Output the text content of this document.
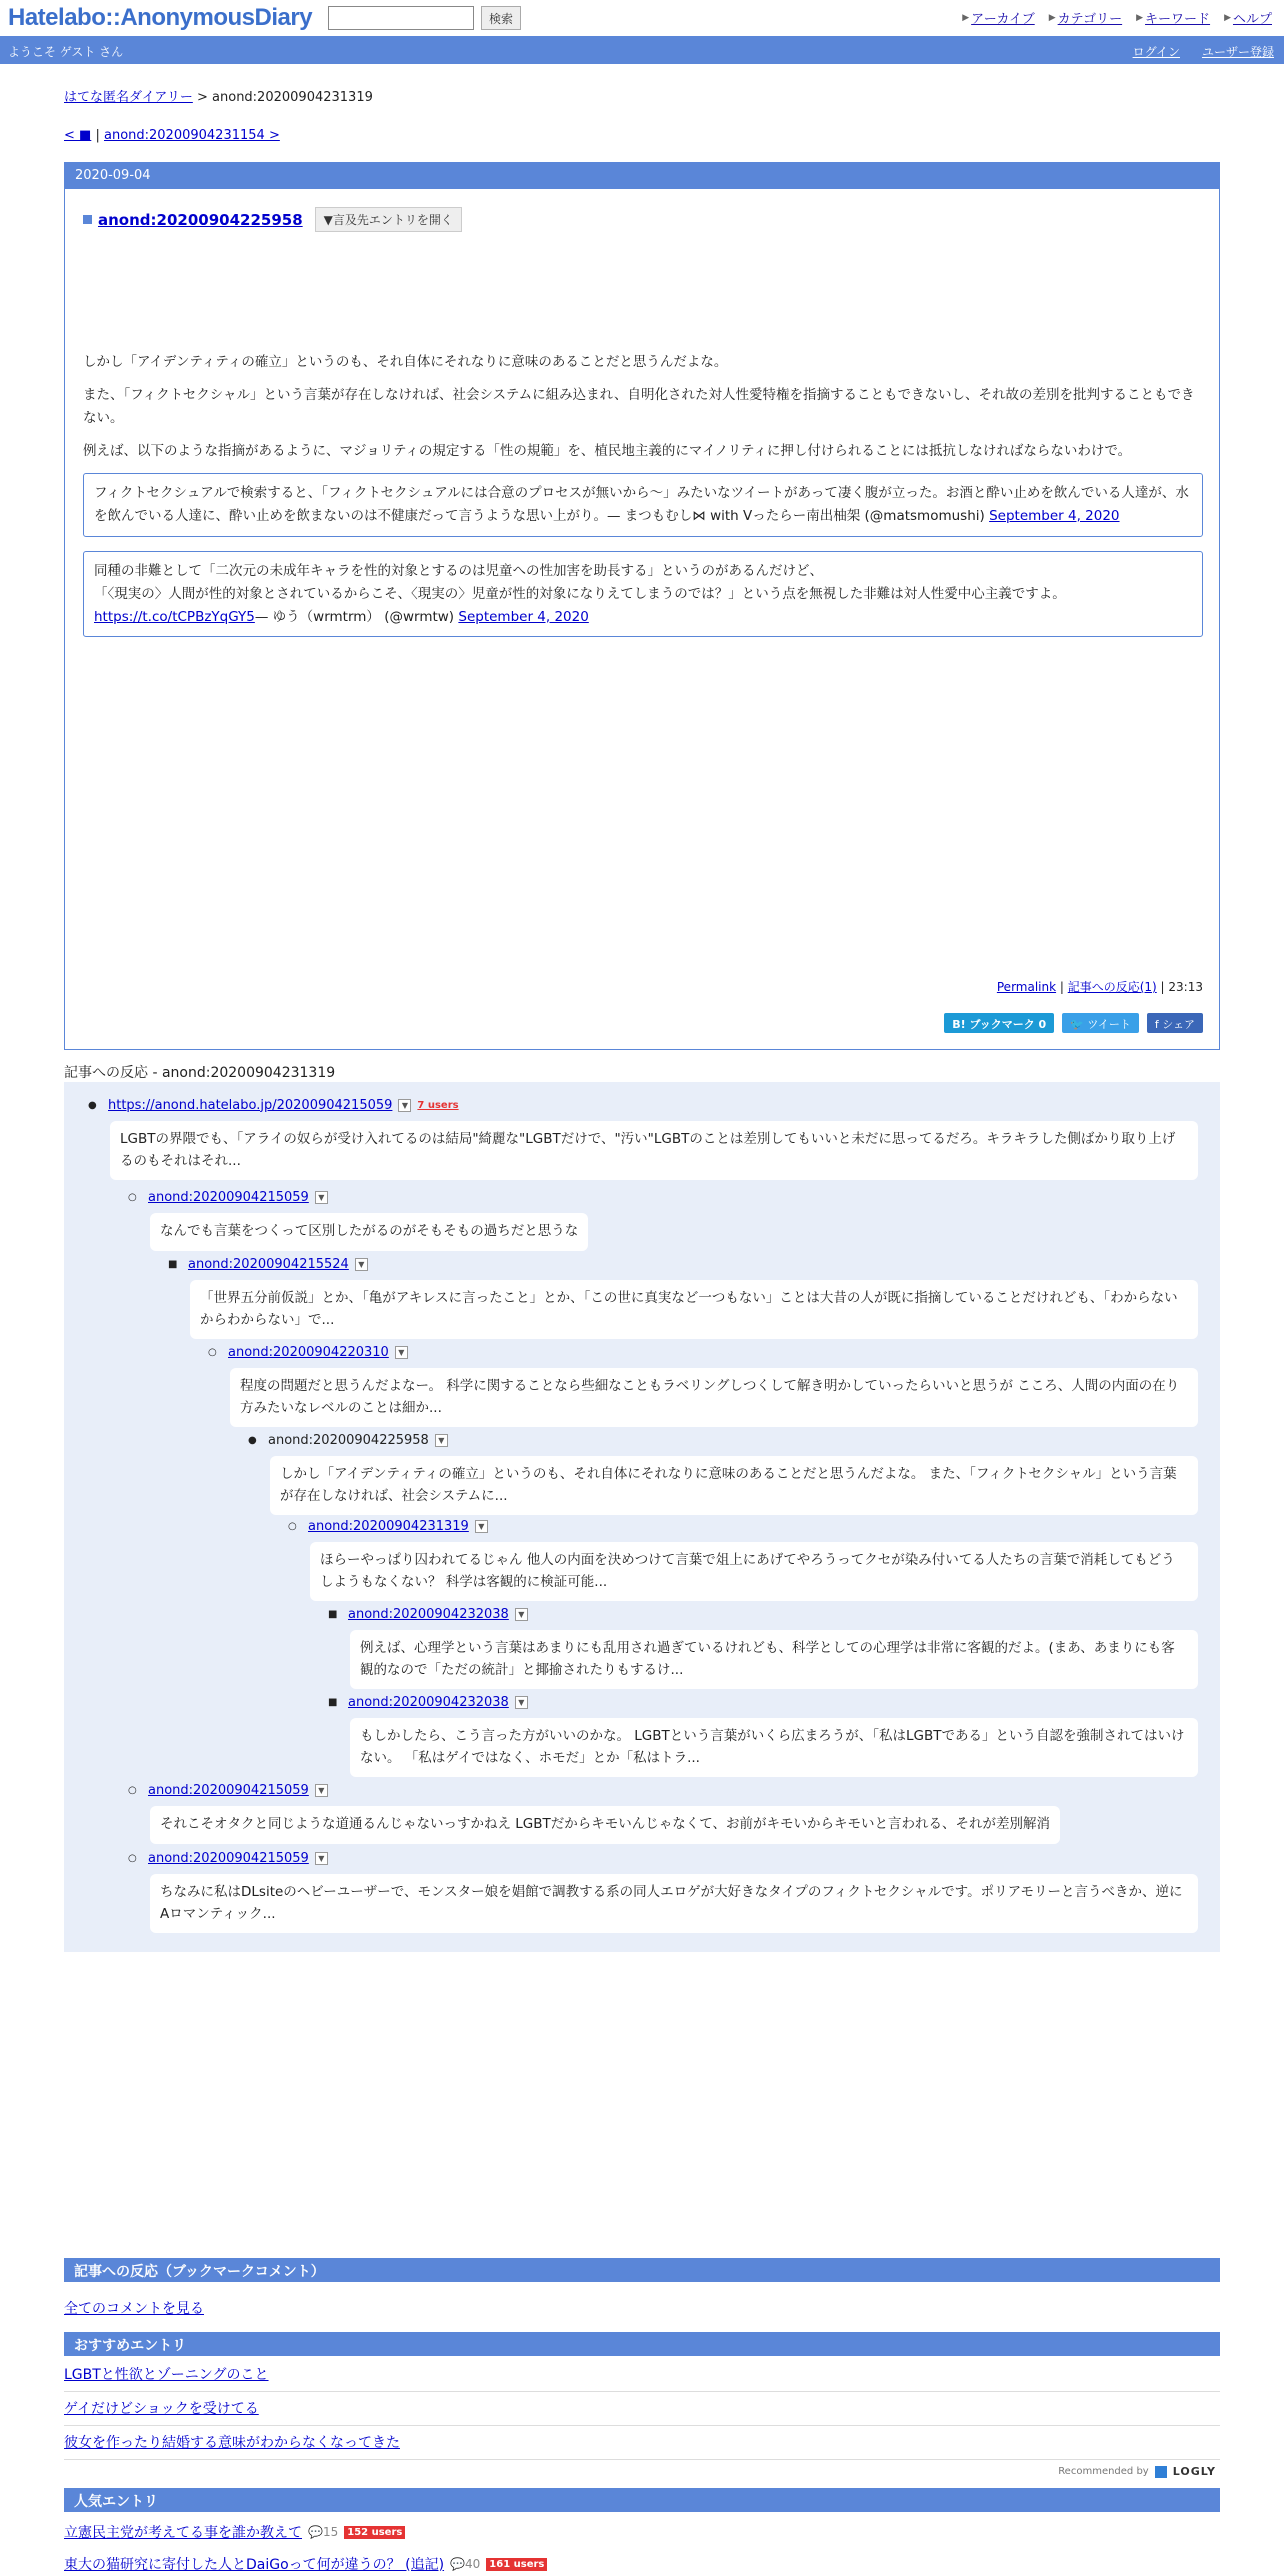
Hatelabo::AnonymousDiary	検索	▶ アーカイブ ▶ カテゴリー ▶ キーワード ▶ ヘルプ
ようこそ ゲスト さん	ログイン ユーザー登録
はてな匿名ダイアリー > anond:20200904231319
< ■ | anond:20200904231154 >
2020-09-04
anond:20200904225958	▼言及先エントリを開く

しかし「アイデンティティの確立」というのも、それ自体にそれなりに意味のあることだと思うんだよな。

また、「フィクトセクシャル」という言葉が存在しなければ、社会システムに組み込まれ、自明化された対人性愛特権を指摘することもできないし、それ故の差別を批判することもできない。

例えば、以下のような指摘があるように、マジョリティの規定する「性の規範」を、植民地主義的にマイノリティに押し付けられることには抵抗しなければならないわけで。

フィクトセクシュアルで検索すると、「フィクトセクシュアルには合意のプロセスが無いから～」みたいなツイートがあって凄く腹が立った。お酒と酔い止めを飲んでいる人達が、水を飲んでいる人達に、酔い止めを飲まないのは不健康だって言うような思い上がり。— まつもむし⋈ with Vったらー南出柚架 (@matsmomushi) September 4, 2020
同種の非難として「二次元の未成年キャラを性的対象とするのは児童への性加害を助長する」というのがあるんだけど、
「〈現実の〉人間が性的対象とされているからこそ、〈現実の〉児童が性的対象になりえてしまうのでは？」という点を無視した非難は対人性愛中心主義ですよ。
https://t.co/tCPBzYqGY5— ゆう（wrmtrm） (@wrmtw) September 4, 2020
Permalink | 記事への反応(1) | 23:13
B! ブックマーク 0	🐦 ツイート	f シェア
記事への反応 - anond:20200904231319
● https://anond.hatelabo.jp/20200904215059	▼ 7 users
LGBTの界隈でも、「アライの奴らが受け入れてるのは結局"綺麗な"LGBTだけで、"汚い"LGBTのことは差別してもいいと未だに思ってるだろ。キラキラした側ばかり取り上げるのもそれはそれ...
○ anond:20200904215059	▼
なんでも言葉をつくって区別したがるのがそもそもの過ちだと思うな
■ anond:20200904215524	▼
「世界五分前仮説」とか、「亀がアキレスに言ったこと」とか、「この世に真実など一つもない」ことは大昔の人が既に指摘していることだけれども、「わからないからわからない」で...
○ anond:20200904220310	▼
程度の問題だと思うんだよなー。 科学に関することなら些細なこともラベリングしつくして解き明かしていったらいいと思うが こころ、人間の内面の在り方みたいなレベルのことは細か...
● anond:20200904225958	▼
しかし「アイデンティティの確立」というのも、それ自体にそれなりに意味のあることだと思うんだよな。 また、「フィクトセクシャル」という言葉が存在しなければ、社会システムに...
○ anond:20200904231319	▼
ほらーやっぱり囚われてるじゃん 他人の内面を決めつけて言葉で俎上にあげてやろうってクセが染み付いてる人たちの言葉で消耗してもどうしようもなくない？ 科学は客観的に検証可能...
■ anond:20200904232038	▼
例えば、心理学という言葉はあまりにも乱用され過ぎているけれども、科学としての心理学は非常に客観的だよ。(まあ、あまりにも客観的なので「ただの統計」と揶揄されたりもするけ...
■ anond:20200904232038	▼
もしかしたら、こう言った方がいいのかな。 LGBTという言葉がいくら広まろうが、「私はLGBTである」という自認を強制されてはいけない。 「私はゲイではなく、ホモだ」とか「私はトラ...
○ anond:20200904215059	▼
それこそオタクと同じような道通るんじゃないっすかねえ LGBTだからキモいんじゃなくて、お前がキモいからキモいと言われる、それが差別解消
○ anond:20200904215059	▼
ちなみに私はDLsiteのヘビーユーザーで、モンスター娘を娼館で調教する系の同人エロゲが大好きなタイプのフィクトセクシャルです。ポリアモリーと言うべきか、逆にAロマンティック...
記事への反応（ブックマークコメント）
全てのコメントを見る
おすすめエントリ
LGBTと性欲とゾーニングのこと
ゲイだけどショックを受けてる
彼女を作ったり結婚する意味がわからなくなってきた
Recommended by LOGLY
人気エントリ
立憲民主党が考えてる事を誰か教えて 💬15 152 users
東大の猫研究に寄付した人とDaiGoって何が違うの？ (追記) 💬40 161 users
